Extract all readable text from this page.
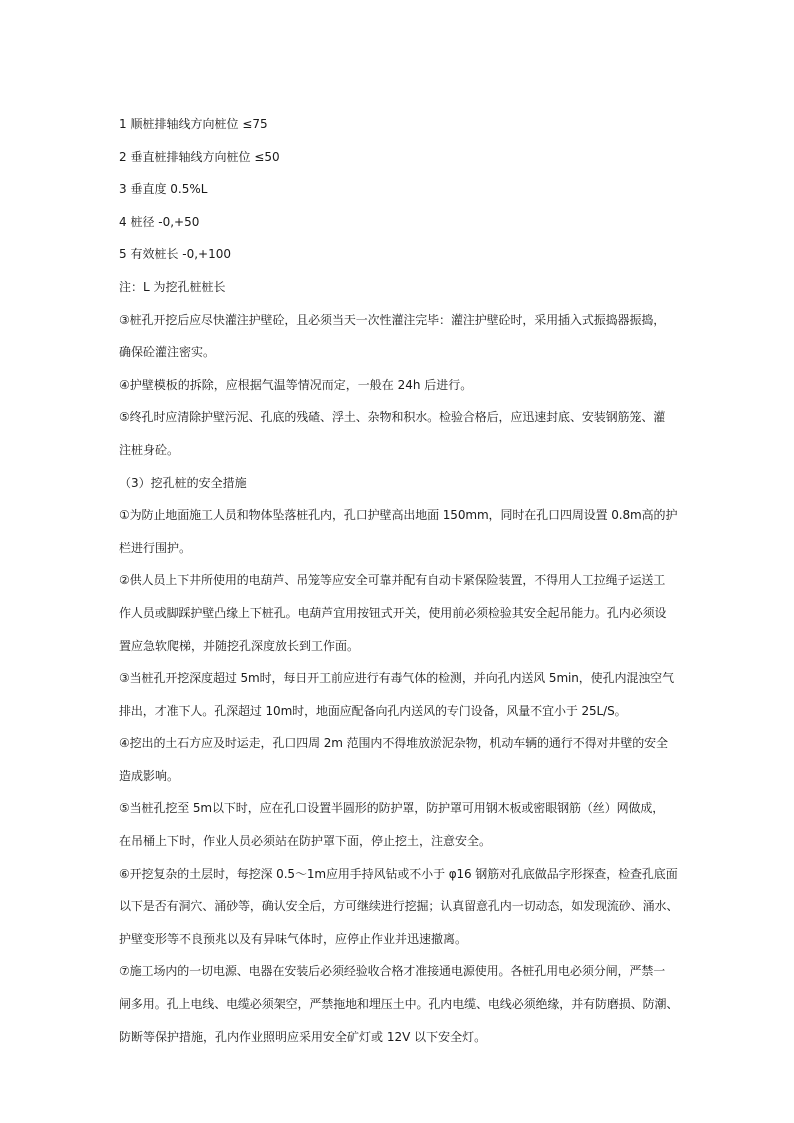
1 顺桩排轴线方向桩位 ≤75
2 垂直桩排轴线方向桩位 ≤50
3 垂直度 0.5%L
4 桩径 -0,+50
5 有效桩长 -0,+100
注：L 为挖孔桩桩长
③桩孔开挖后应尽快灌注护壁砼，且必须当天一次性灌注完毕：灌注护壁砼时，采用插入式振捣器振捣，
确保砼灌注密实。
④护壁模板的拆除，应根据气温等情况而定，一般在 24h 后进行。
⑤终孔时应清除护壁污泥、孔底的残碴、浮土、杂物和积水。检验合格后，应迅速封底、安装钢筋笼、灌
注桩身砼。
（3）挖孔桩的安全措施
①为防止地面施工人员和物体坠落桩孔内，孔口护壁高出地面 150mm，同时在孔口四周设置 0.8m高的护
栏进行围护。
②供人员上下井所使用的电葫芦、吊笼等应安全可靠并配有自动卡紧保险装置，不得用人工拉绳子运送工
作人员或脚踩护壁凸缘上下桩孔。电葫芦宜用按钮式开关，使用前必须检验其安全起吊能力。孔内必须设
置应急软爬梯，并随挖孔深度放长到工作面。
③当桩孔开挖深度超过 5m时，每日开工前应进行有毒气体的检测，并向孔内送风 5min，使孔内混浊空气
排出，才准下人。孔深超过 10m时，地面应配备向孔内送风的专门设备，风量不宜小于 25L/S。
④挖出的土石方应及时运走，孔口四周 2m 范围内不得堆放淤泥杂物，机动车辆的通行不得对井壁的安全
造成影响。
⑤当桩孔挖至 5m以下时，应在孔口设置半圆形的防护罩，防护罩可用钢木板或密眼钢筋（丝）网做成，
在吊桶上下时，作业人员必须站在防护罩下面，停止挖土，注意安全。
⑥开挖复杂的土层时，每挖深 0.5～1m应用手持风钻或不小于 φ16 钢筋对孔底做品字形探查，检查孔底面
以下是否有洞穴、涌砂等，确认安全后，方可继续进行挖掘；认真留意孔内一切动态，如发现流砂、涌水、
护壁变形等不良预兆以及有异味气体时，应停止作业并迅速撤离。
⑦施工场内的一切电源、电器在安装后必须经验收合格才准接通电源使用。各桩孔用电必须分闸，严禁一
闸多用。孔上电线、电缆必须架空，严禁拖地和埋压土中。孔内电缆、电线必须绝缘，并有防磨损、防潮、
防断等保护措施，孔内作业照明应采用安全矿灯或 12V 以下安全灯。
